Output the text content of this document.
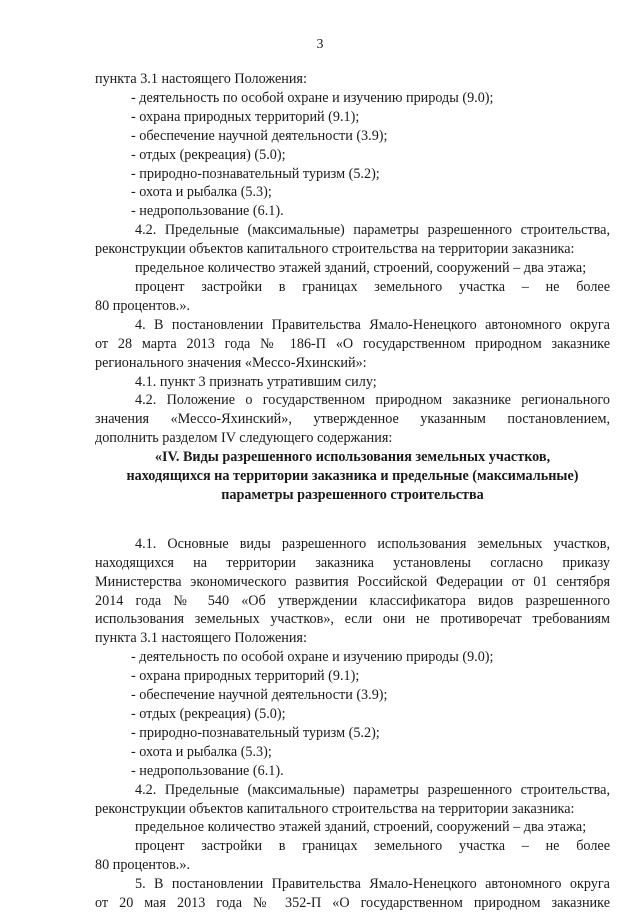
3

пункта 3.1 настоящего Положения:

- деятельность по особой охране и изучению природы (9.0);
- охрана природных территорий (9.1);
- обеспечение научной деятельности (3.9);
- отдых (рекреация) (5.0);
- природно-познавательный туризм (5.2);
- охота и рыбалка (5.3);
- недропользование (6.1).

4.2. Предельные (максимальные) параметры разрешенного строительства,

реконструкции объектов капитального строительства на территории заказника:

предельное количество этажей зданий, строений, сооружений – два этажа;

процент застройки в границах земельного участка – не более

80 процентов.».

4. В постановлении Правительства Ямало-Ненецкого автономного округа

от 28 марта 2013 года № 186-П «О государственном природном заказнике

регионального значения «Мессо-Яхинский»:

4.1. пункт 3 признать утратившим силу;

4.2. Положение о государственном природном заказнике регионального

значения «Мессо-Яхинский», утвержденное указанным постановлением,

дополнить разделом IV следующего содержания:

«IV. Виды разрешенного использования земельных участков,

находящихся на территории заказника и предельные (максимальные)

параметры разрешенного строительства

4.1. Основные виды разрешенного использования земельных участков,

находящихся на территории заказника установлены согласно приказу

Министерства экономического развития Российской Федерации от 01 сентября

2014 года № 540 «Об утверждении классификатора видов разрешенного

использования земельных участков», если они не противоречат требованиям

пункта 3.1 настоящего Положения:

- деятельность по особой охране и изучению природы (9.0);
- охрана природных территорий (9.1);
- обеспечение научной деятельности (3.9);
- отдых (рекреация) (5.0);
- природно-познавательный туризм (5.2);
- охота и рыбалка (5.3);
- недропользование (6.1).

4.2. Предельные (максимальные) параметры разрешенного строительства,

реконструкции объектов капитального строительства на территории заказника:

предельное количество этажей зданий, строений, сооружений – два этажа;

процент застройки в границах земельного участка – не более

80 процентов.».

5. В постановлении Правительства Ямало-Ненецкого автономного округа

от 20 мая 2013 года № 352-П «О государственном природном заказнике
